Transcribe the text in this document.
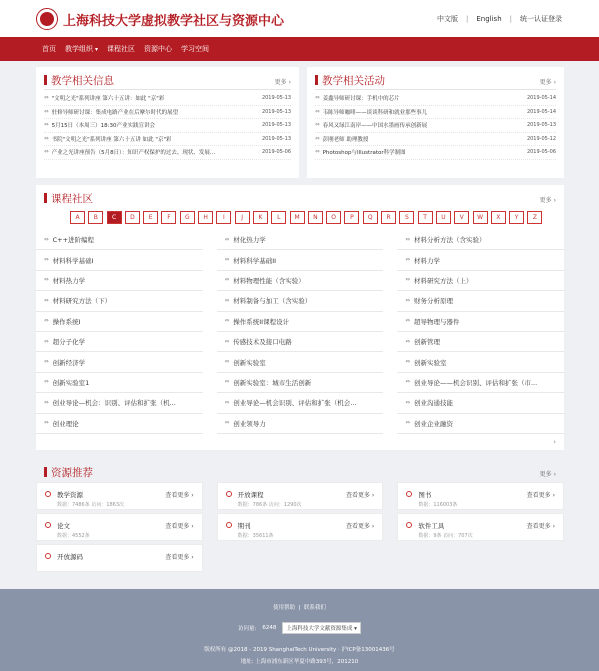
上海科技大学虚拟教学社区与资源中心	中文版 | English | 统一认证登录
首页 教学组织 ▾	课程社区 资源中心 学习空间
教学相关信息	更多 ›
⇔ "文明之光"系列讲座 第六十五讲：如此 "京"彩	2019-05-13
⇔ 驻修导师研讨课：集成电路产业在后摩尔时代的展望	2019-05-13
⇔ 5月15日（本周三）18:30产业实践宣讲会	2019-05-13
⇔ 书院"文明之光"系列讲座 第六十五讲 如此 "京"彩	2019-05-13
⇔ 产业之光讲座预告（5月8日）：知识产权保护的过去、现状、发展...	2019-05-06
教学相关活动	更多 ›
⇔ 姜鑫导师研讨课：手机中的芯片	2019-05-14
⇔ 韦陈导师咖啡——谈谈科研和就业那些事儿	2019-05-14
⇔ 春风又绿江南岸——中国水墨画传承创新展	2019-05-13
⇔ 彭刚老师 助理教授	2019-05-12
⇔ Photoshop与Illustrator科学制图	2019-05-06
课程社区	更多 ›
›
A	B	C	D	E	F	G	H	I	J	K	L	M	N	O	P	Q	R	S	T	U	V	W	X	Y	Z
⇔ C++进阶编程	⇔ 材化热力学	⇔ 材料分析方法（含实验）
⇔ 材料科学基础I	⇔ 材料科学基础II	⇔ 材料力学
⇔ 材料热力学	⇔ 材料物理性能（含实验）	⇔ 材料研究方法（上）
⇔ 材料研究方法（下）	⇔ 材料制备与加工（含实验）	⇔ 财务分析原理
⇔ 操作系统I	⇔ 操作系统II课程设计	⇔ 超导物理与器件
⇔ 超分子化学	⇔ 传感技术及接口电路	⇔ 创新管理
⇔ 创新经济学	⇔ 创新实验室	⇔ 创新实验室
⇔ 创新实验室1	⇔ 创新实验室：城市生活创新	⇔ 创业导论——机会识别、评估和扩张（市...
⇔ 创业导论—机会：识别、评估和扩张（机...	⇔ 创业导论—机会识别、评估和扩张（机会...	⇔ 创业沟通技能
⇔ 创业理论	⇔ 创业领导力	⇔ 创业企业融资
资源推荐	更多 ›
教学资源
数据：7486条 访问：1863次
查看更多 ›	开放课程
数据：786条 访问：1290次
查看更多 ›	图书
数据：116003条
查看更多 ›
论文
数据：4552条
查看更多 ›	期刊
数据：35611条
查看更多 ›	软件工具
数据：9条 访问：707次
查看更多 ›
开放源码	查看更多 ›
使用帮助 | 联系我们
访问量: 6248	上海科技大学文献资源集成 ▾
版权所有 @2018 - 2019 ShanghaiTech University · 沪ICP备13001436号
地址: 上海市浦东新区华夏中路393号，201210
